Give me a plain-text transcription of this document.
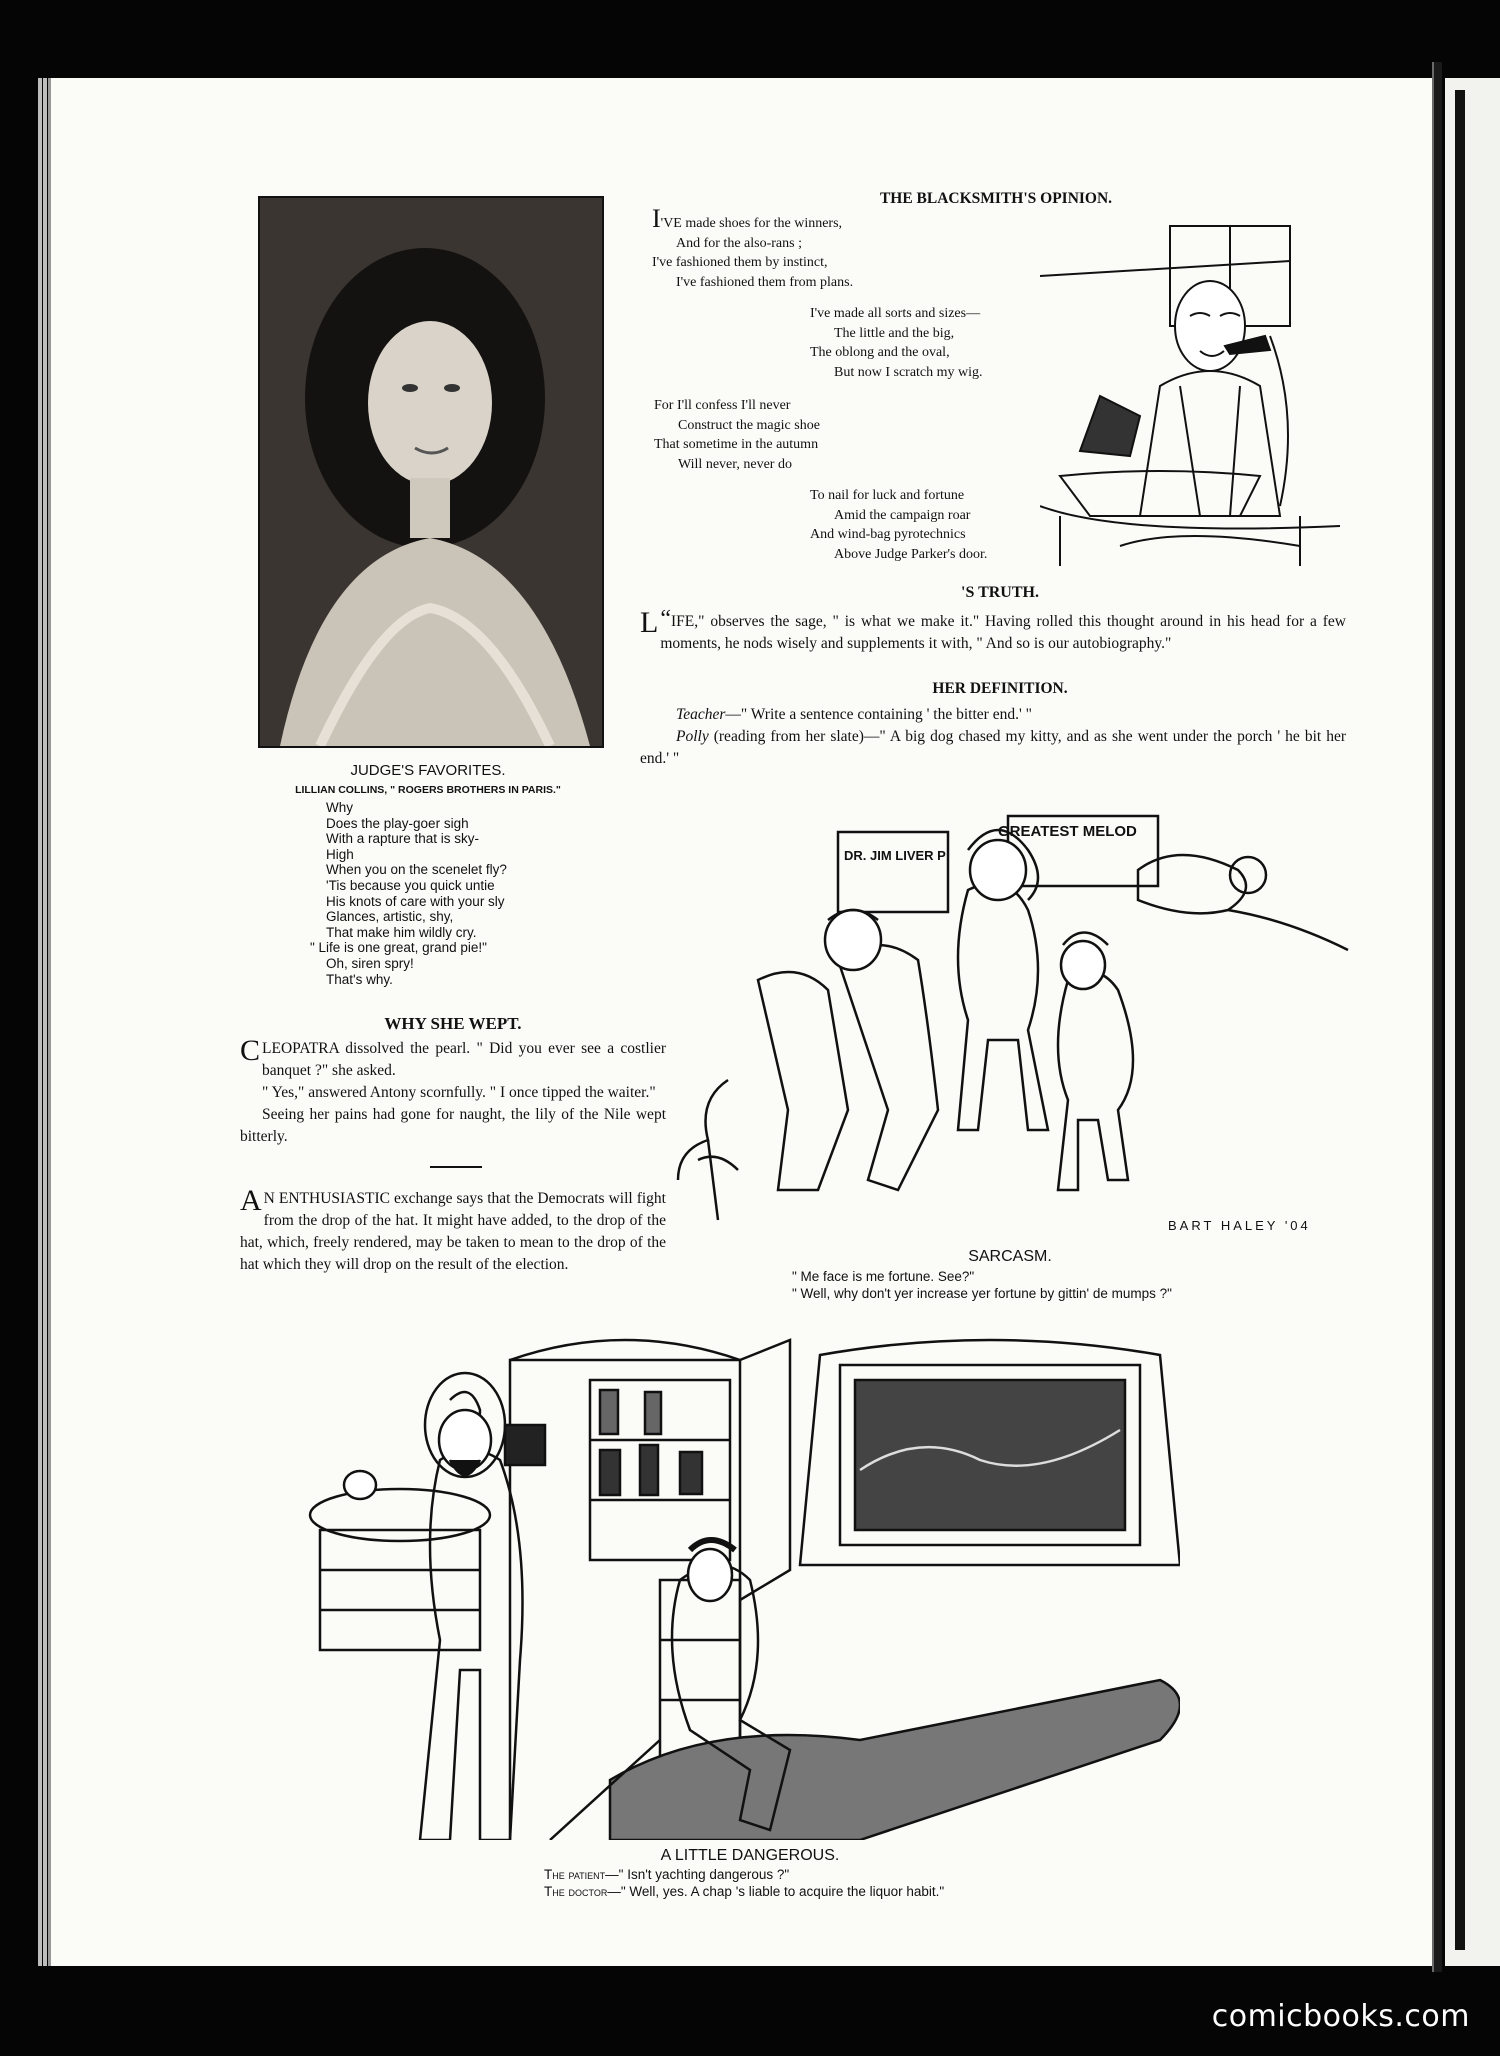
JUDGE'S FAVORITES.
LILLIAN COLLINS, " ROGERS BROTHERS IN PARIS."
Why
Does the play-goer sigh
With a rapture that is sky-
High
When you on the scenelet fly?
'Tis because you quick untie
His knots of care with your sly
Glances, artistic, shy,
That make him wildly cry.
" Life is one great, grand pie!"
Oh, siren spry!
That's why.
WHY SHE WEPT.
CLEOPATRA dissolved the pearl. " Did you ever see a costlier banquet ?" she asked.
" Yes," answered Antony scornfully. " I once tipped the waiter."
Seeing her pains had gone for naught, the lily of the Nile wept bitterly.
A N ENTHUSIASTIC exchange says that the Democrats will fight from the drop of the hat. It might have added, to the drop of the hat, which, freely rendered, may be taken to mean to the drop of the hat which they will drop on the result of the election.
THE BLACKSMITH'S OPINION.
I'VE made shoes for the winners,
And for the also-rans ;
I've fashioned them by instinct,
I've fashioned them from plans.
I've made all sorts and sizes—
The little and the big,
The oblong and the oval,
But now I scratch my wig.
For I'll confess I'll never
Construct the magic shoe
That sometime in the autumn
Will never, never do
To nail for luck and fortune
Amid the campaign roar
And wind-bag pyrotechnics
Above Judge Parker's door.
'S TRUTH.
“
L IFE," observes the sage, " is what we make it." Having rolled this thought around in his head for a few moments, he nods wisely and supplements it with, " And so is our autobiography."
HER DEFINITION.
Teacher—" Write a sentence containing ' the bitter end.' "
Polly (reading from her slate)—" A big dog chased my kitty, and as she went under the porch ' he bit her end.' "
GREATEST MELOD
DR. JIM LIVER P
BART HALEY '04
SARCASM.
" Me face is me fortune. See?"
" Well, why don't yer increase yer fortune by gittin' de mumps ?"
A LITTLE DANGEROUS.
The patient—" Isn't yachting dangerous ?"
The doctor—" Well, yes. A chap 's liable to acquire the liquor habit."
comicbooks.com
